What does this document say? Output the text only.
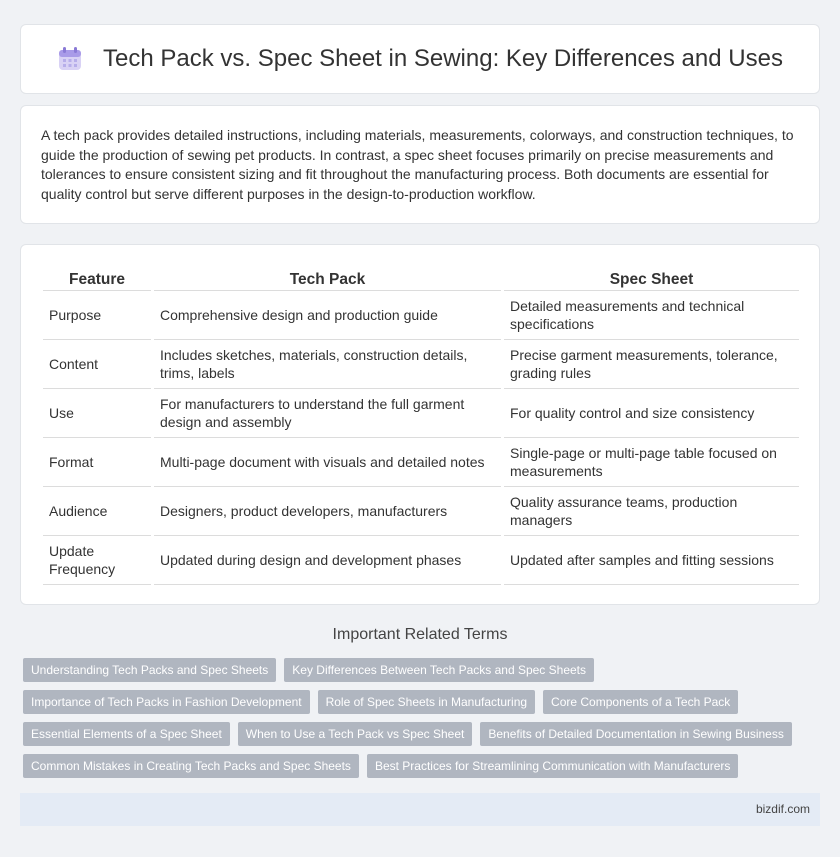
Tech Pack vs. Spec Sheet in Sewing: Key Differences and Uses

A tech pack provides detailed instructions, including materials, measurements, colorways, and construction techniques, to guide the production of sewing pet products. In contrast, a spec sheet focuses primarily on precise measurements and tolerances to ensure consistent sizing and fit throughout the manufacturing process. Both documents are essential for quality control but serve different purposes in the design-to-production workflow.

Feature		Tech Pack		Spec Sheet
Purpose		Comprehensive design and production guide		Detailed measurements and technical specifications
Content		Includes sketches, materials, construction details, trims, labels		Precise garment measurements, tolerance, grading rules
Use		For manufacturers to understand the full garment design and assembly		For quality control and size consistency
Format		Multi-page document with visuals and detailed notes		Single-page or multi-page table focused on measurements
Audience		Designers, product developers, manufacturers		Quality assurance teams, production managers
Update Frequency		Updated during design and development phases		Updated after samples and fitting sessions
Important Related Terms
Understanding Tech Packs and Spec Sheets	Key Differences Between Tech Packs and Spec Sheets
Importance of Tech Packs in Fashion Development	Role of Spec Sheets in Manufacturing	Core Components of a Tech Pack
Essential Elements of a Spec Sheet	When to Use a Tech Pack vs Spec Sheet	Benefits of Detailed Documentation in Sewing Business
Common Mistakes in Creating Tech Packs and Spec Sheets	Best Practices for Streamlining Communication with Manufacturers
bizdif.com
